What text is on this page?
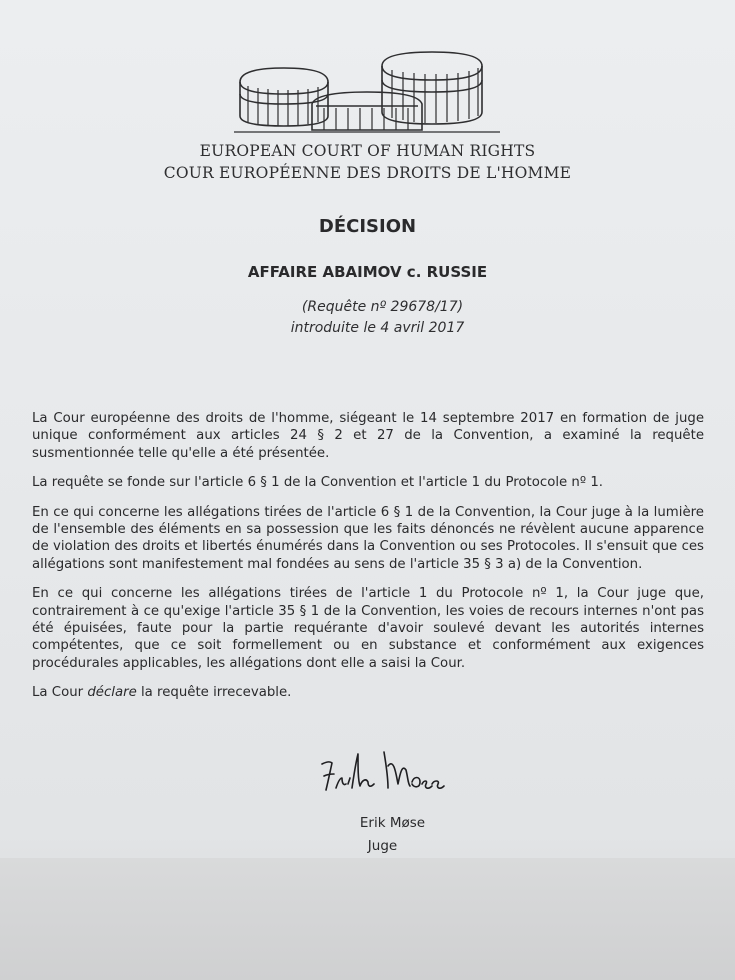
EUROPEAN COURT OF HUMAN RIGHTS
COUR EUROPÉENNE DES DROITS DE L'HOMME
DÉCISION
AFFAIRE ABAIMOV c. RUSSIE
(Requête nº 29678/17)
introduite le 4 avril 2017

La Cour européenne des droits de l'homme, siégeant le 14 septembre 2017 en formation de juge unique conformément aux articles 24 § 2 et 27 de la Convention, a examiné la requête susmentionnée telle qu'elle a été présentée.

La requête se fonde sur l'article 6 § 1 de la Convention et l'article 1 du Protocole nº 1.

En ce qui concerne les allégations tirées de l'article 6 § 1 de la Convention, la Cour juge à la lumière de l'ensemble des éléments en sa possession que les faits dénoncés ne révèlent aucune apparence de violation des droits et libertés énumérés dans la Convention ou ses Protocoles. Il s'ensuit que ces allégations sont manifestement mal fondées au sens de l'article 35 § 3 a) de la Convention.

En ce qui concerne les allégations tirées de l'article 1 du Protocole nº 1, la Cour juge que, contrairement à ce qu'exige l'article 35 § 1 de la Convention, les voies de recours internes n'ont pas été épuisées, faute pour la partie requérante d'avoir soulevé devant les autorités internes compétentes, que ce soit formellement ou en substance et conformément aux exigences procédurales applicables, les allégations dont elle a saisi la Cour.

La Cour déclare la requête irrecevable.

Erik Møse
Juge
